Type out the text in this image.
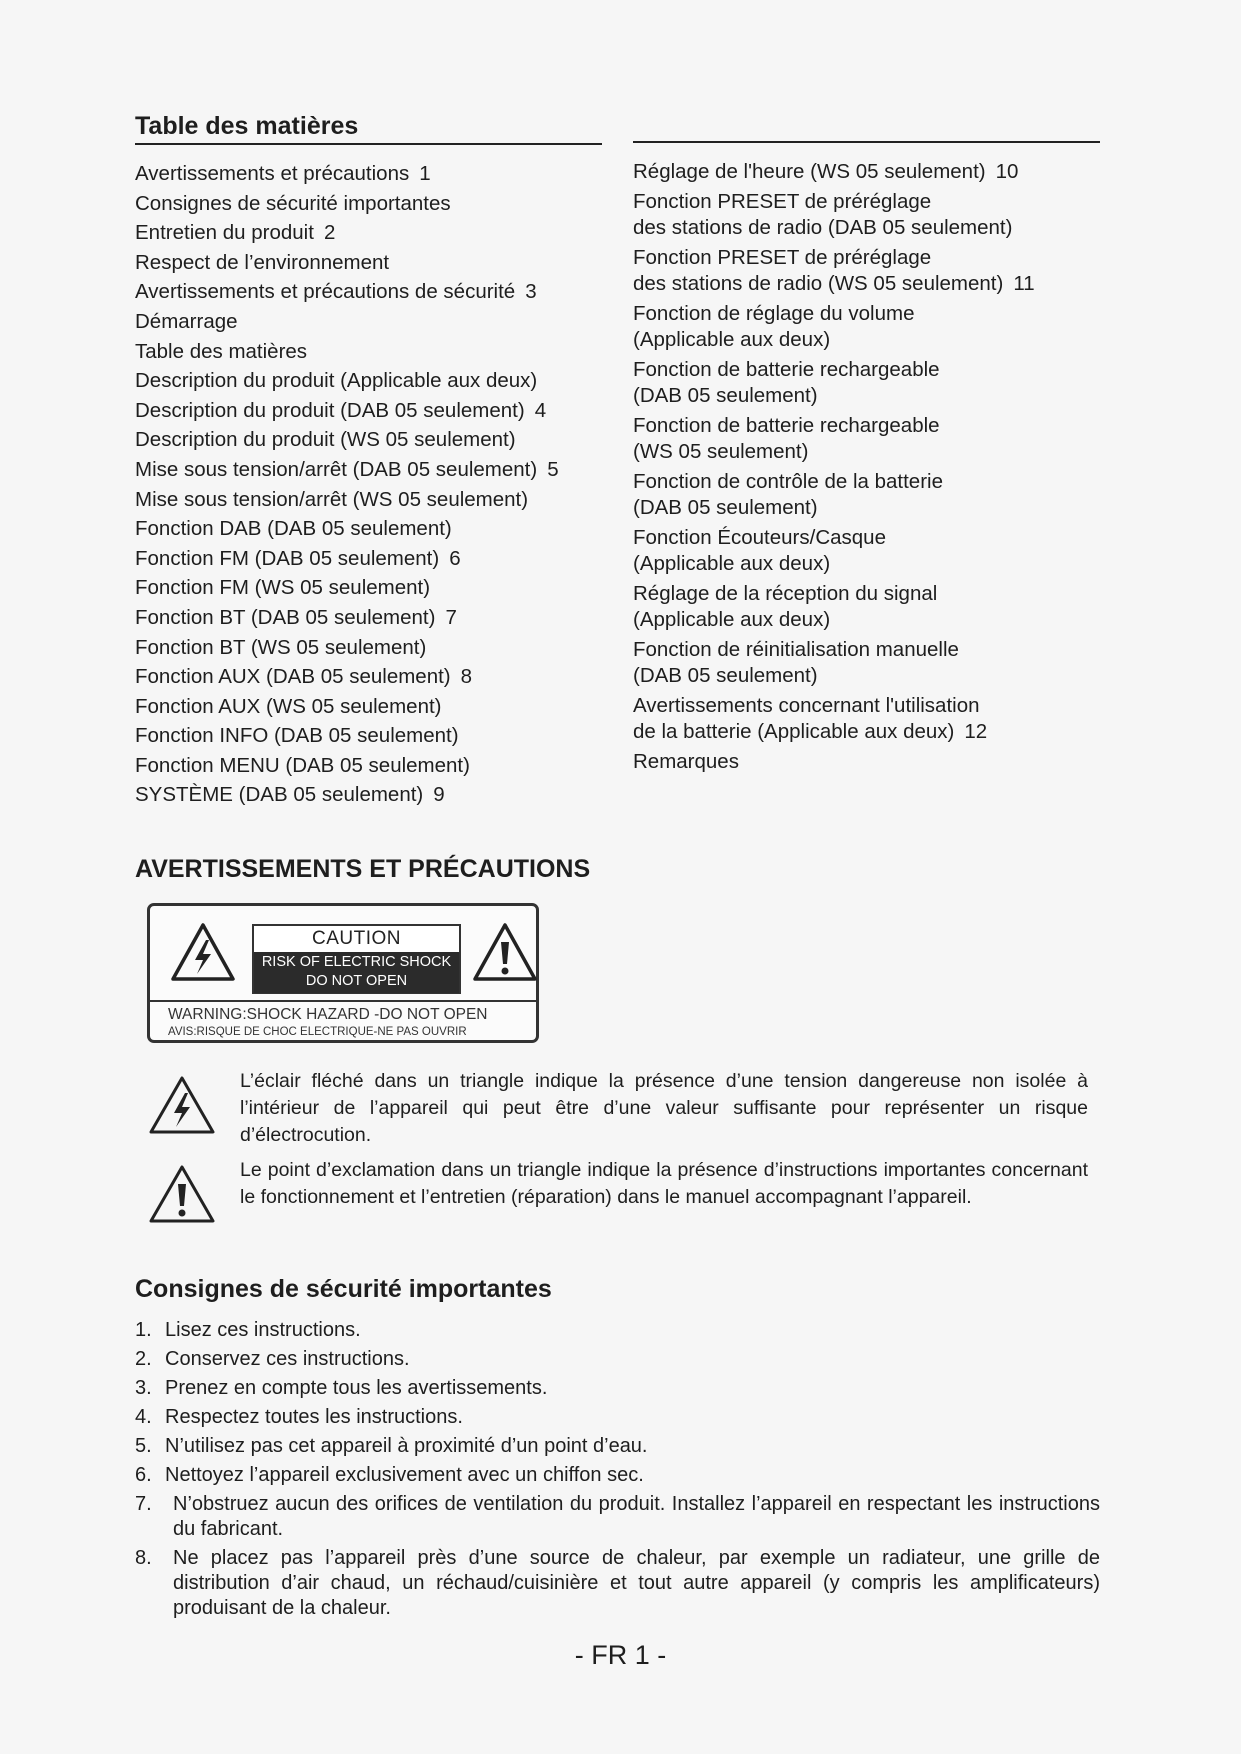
Table des matières
Avertissements et précautions 1
Consignes de sécurité importantes
Entretien du produit 2
Respect de l’environnement
Avertissements et précautions de sécurité 3
Démarrage
Table des matières
Description du produit (Applicable aux deux)
Description du produit (DAB 05 seulement) 4
Description du produit (WS 05 seulement)
Mise sous tension/arrêt (DAB 05 seulement) 5
Mise sous tension/arrêt (WS 05 seulement)
Fonction DAB (DAB 05 seulement)
Fonction FM (DAB 05 seulement) 6
Fonction FM (WS 05 seulement)
Fonction BT (DAB 05 seulement) 7
Fonction BT (WS 05 seulement)
Fonction AUX (DAB 05 seulement) 8
Fonction AUX (WS 05 seulement)
Fonction INFO (DAB 05 seulement)
Fonction MENU (DAB 05 seulement)
SYSTÈME (DAB 05 seulement) 9
Réglage de l'heure (WS 05 seulement) 10
Fonction PRESET de préréglage
des stations de radio (DAB 05 seulement)
Fonction PRESET de préréglage
des stations de radio (WS 05 seulement) 11
Fonction de réglage du volume
(Applicable aux deux)
Fonction de batterie rechargeable
(DAB 05 seulement)
Fonction de batterie rechargeable
(WS 05 seulement)
Fonction de contrôle de la batterie
(DAB 05 seulement)
Fonction Écouteurs/Casque
(Applicable aux deux)
Réglage de la réception du signal
(Applicable aux deux)
Fonction de réinitialisation manuelle
(DAB 05 seulement)
Avertissements concernant l'utilisation
de la batterie (Applicable aux deux) 12
Remarques
AVERTISSEMENTS ET PRÉCAUTIONS
CAUTION
RISK OF ELECTRIC SHOCK
DO NOT OPEN
WARNING:SHOCK HAZARD -DO NOT OPEN
AVIS:RISQUE DE CHOC ELECTRIQUE-NE PAS OUVRIR
L’éclair fléché dans un triangle indique la présence d’une tension dangereuse non isolée à l’intérieur de l’appareil qui peut être d’une valeur suffisante pour représenter un risque d’électrocution.
Le point d’exclamation dans un triangle indique la présence d’instructions importantes concernant le fonctionnement et l’entretien (réparation) dans le manuel accompagnant l’appareil.
Consignes de sécurité importantes
1. Lisez ces instructions.
2. Conservez ces instructions.
3. Prenez en compte tous les avertissements.
4. Respectez toutes les instructions.
5. N’utilisez pas cet appareil à proximité d’un point d’eau.
6. Nettoyez l’appareil exclusivement avec un chiffon sec.
7.	N’obstruez aucun des orifices de ventilation du produit. Installez l’appareil en respectant les instructions du fabricant.
8.	Ne placez pas l’appareil près d’une source de chaleur, par exemple un radiateur, une grille de distribution d’air chaud, un réchaud/cuisinière et tout autre appareil (y compris les amplificateurs) produisant de la chaleur.
- FR 1 -
